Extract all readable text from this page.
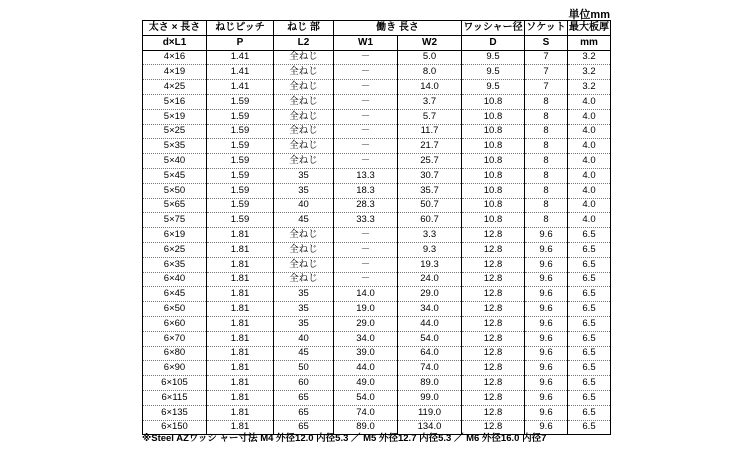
単位mm
太さ × 長さ	ねじピッチ	ねじ 部	働き 長さ		ワッシャー径	ソケット	最大板厚
d×L1	P	L2	W1	W2	D	S	mm
4×16	1.41	全ねじ	－	5.0	9.5	7	3.2
4×19	1.41	全ねじ	－	8.0	9.5	7	3.2
4×25	1.41	全ねじ	－	14.0	9.5	7	3.2
5×16	1.59	全ねじ	－	3.7	10.8	8	4.0
5×19	1.59	全ねじ	－	5.7	10.8	8	4.0
5×25	1.59	全ねじ	－	11.7	10.8	8	4.0
5×35	1.59	全ねじ	－	21.7	10.8	8	4.0
5×40	1.59	全ねじ	－	25.7	10.8	8	4.0
5×45	1.59	35	13.3	30.7	10.8	8	4.0
5×50	1.59	35	18.3	35.7	10.8	8	4.0
5×65	1.59	40	28.3	50.7	10.8	8	4.0
5×75	1.59	45	33.3	60.7	10.8	8	4.0
6×19	1.81	全ねじ	－	3.3	12.8	9.6	6.5
6×25	1.81	全ねじ	－	9.3	12.8	9.6	6.5
6×35	1.81	全ねじ	－	19.3	12.8	9.6	6.5
6×40	1.81	全ねじ	－	24.0	12.8	9.6	6.5
6×45	1.81	35	14.0	29.0	12.8	9.6	6.5
6×50	1.81	35	19.0	34.0	12.8	9.6	6.5
6×60	1.81	35	29.0	44.0	12.8	9.6	6.5
6×70	1.81	40	34.0	54.0	12.8	9.6	6.5
6×80	1.81	45	39.0	64.0	12.8	9.6	6.5
6×90	1.81	50	44.0	74.0	12.8	9.6	6.5
6×105	1.81	60	49.0	89.0	12.8	9.6	6.5
6×115	1.81	65	54.0	99.0	12.8	9.6	6.5
6×135	1.81	65	74.0	119.0	12.8	9.6	6.5
6×150	1.81	65	89.0	134.0	12.8	9.6	6.5
※Steel AZワッシ ャー寸法 M4 外径12.0 内径5.3 ／ M5 外径12.7 内径5.3 ／ M6 外径16.0 内径7
